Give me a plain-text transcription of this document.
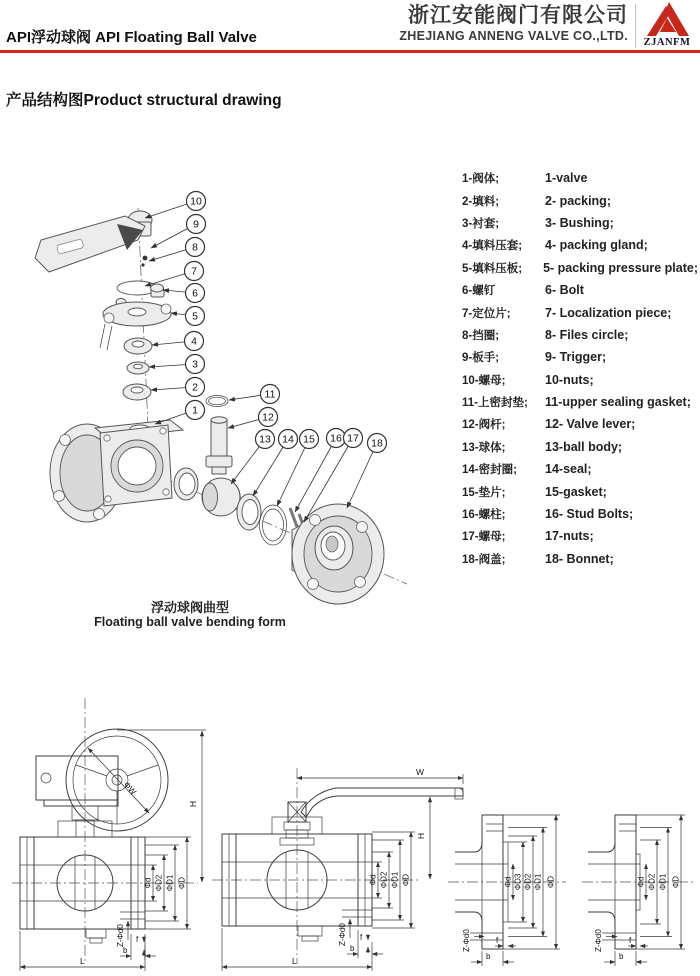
API浮动球阀 API Floating Ball Valve
浙江安能阀门有限公司
ZHEJIANG ANNENG VALVE CO.,LTD.	ZJANFM
产品结构图Product structural drawing
10
9
8
7
6
5
4
3
2
1
11
12
13 14 15 16 17 18
浮动球阀曲型
Floating ball valve bending form
1-阀体;	1-valve
2-填料;	2- packing;
3-衬套;	3- Bushing;
4-填料压套;	4- packing gland;
5-填料压板;	5- packing pressure plate;
6-螺钉	6- Bolt
7-定位片;	7- Localization piece;
8-挡圈;	8- Files circle;
9-板手;	9- Trigger;
10-螺母;	10-nuts;
11-上密封垫;	11-upper sealing gasket;
12-阀杆;	12- Valve lever;
13-球体;	13-ball body;
14-密封圈;	14-seal;
15-垫片;	15-gasket;
16-螺柱;	16- Stud Bolts;
17-螺母;	17-nuts;
18-阀盖;	18- Bonnet;
ΦW
H
Φd ΦD2 ΦD1 ΦD
Z-Φd0 f
b
L
W
H
Φd ΦD2 ΦD1 ΦD
Z-Φd0 f
b
L
Φd ΦD3 ΦD2 ΦD1 ΦD
Z-Φd0	f
b
Φd ΦD2 ΦD1 ΦD
Z-Φd0	f
b
